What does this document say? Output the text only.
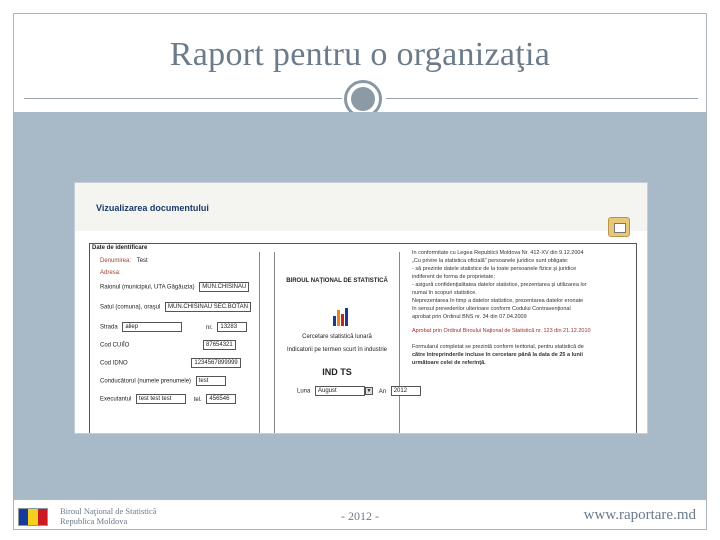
Raport pentru o organizaţia
Vizualizarea documentului
Date de identificare
Denumirea: Test
Adresa:
Raionul (municipiul, UTA Găgăuzia) MUN.CHISINAU
Satul (comuna), oraşul MUN.CHISINAU SEC.BOTAN
Strada aliep	nr. 13283
Cod CUIÎO	87654321
Cod IDNO	1234567899999
Conducătorul (numele prenumele) test
Executantul test test test	tel. 456546
BIROUL NAŢIONAL DE STATISTICĂ
Cercetare statistică lunară
Indicatorii pe termen scurt în industrie
IND TS
Luna August	▼ An 2012
In conformitate cu Legea Republicii Moldova Nr. 412-XV din 9.12.2004
„Cu privire la statistica oficială” persoanele juridice sunt obligate:
- să prezinte datele statistice de la toate persoanele fizice şi juridice
indiferent de forma de proprietate;
- asigură confidenţialitatea datelor statistice, prezentarea şi utilizarea lor
numai în scopuri statistice.
Neprezentarea în timp a datelor statistice, prezentarea datelor eronate
în sensul prevederilor ulterioare conform Codului Contravenţional
aprobat prin Ordinul BNS nr. 34 din 07.04.2009
Aprobat prin Ordinul Biroului Naţional de Statistică nr. 123 din 21.12.2010
Formularul completat se prezintă conform teritorial, pentru statistică de
către întreprinderile incluse în cercetare până la data de 25 a lunii
următoare celei de referinţă.
Biroul Naţional de Statistică
Republica Moldova	- 2012 -	www.raportare.md
